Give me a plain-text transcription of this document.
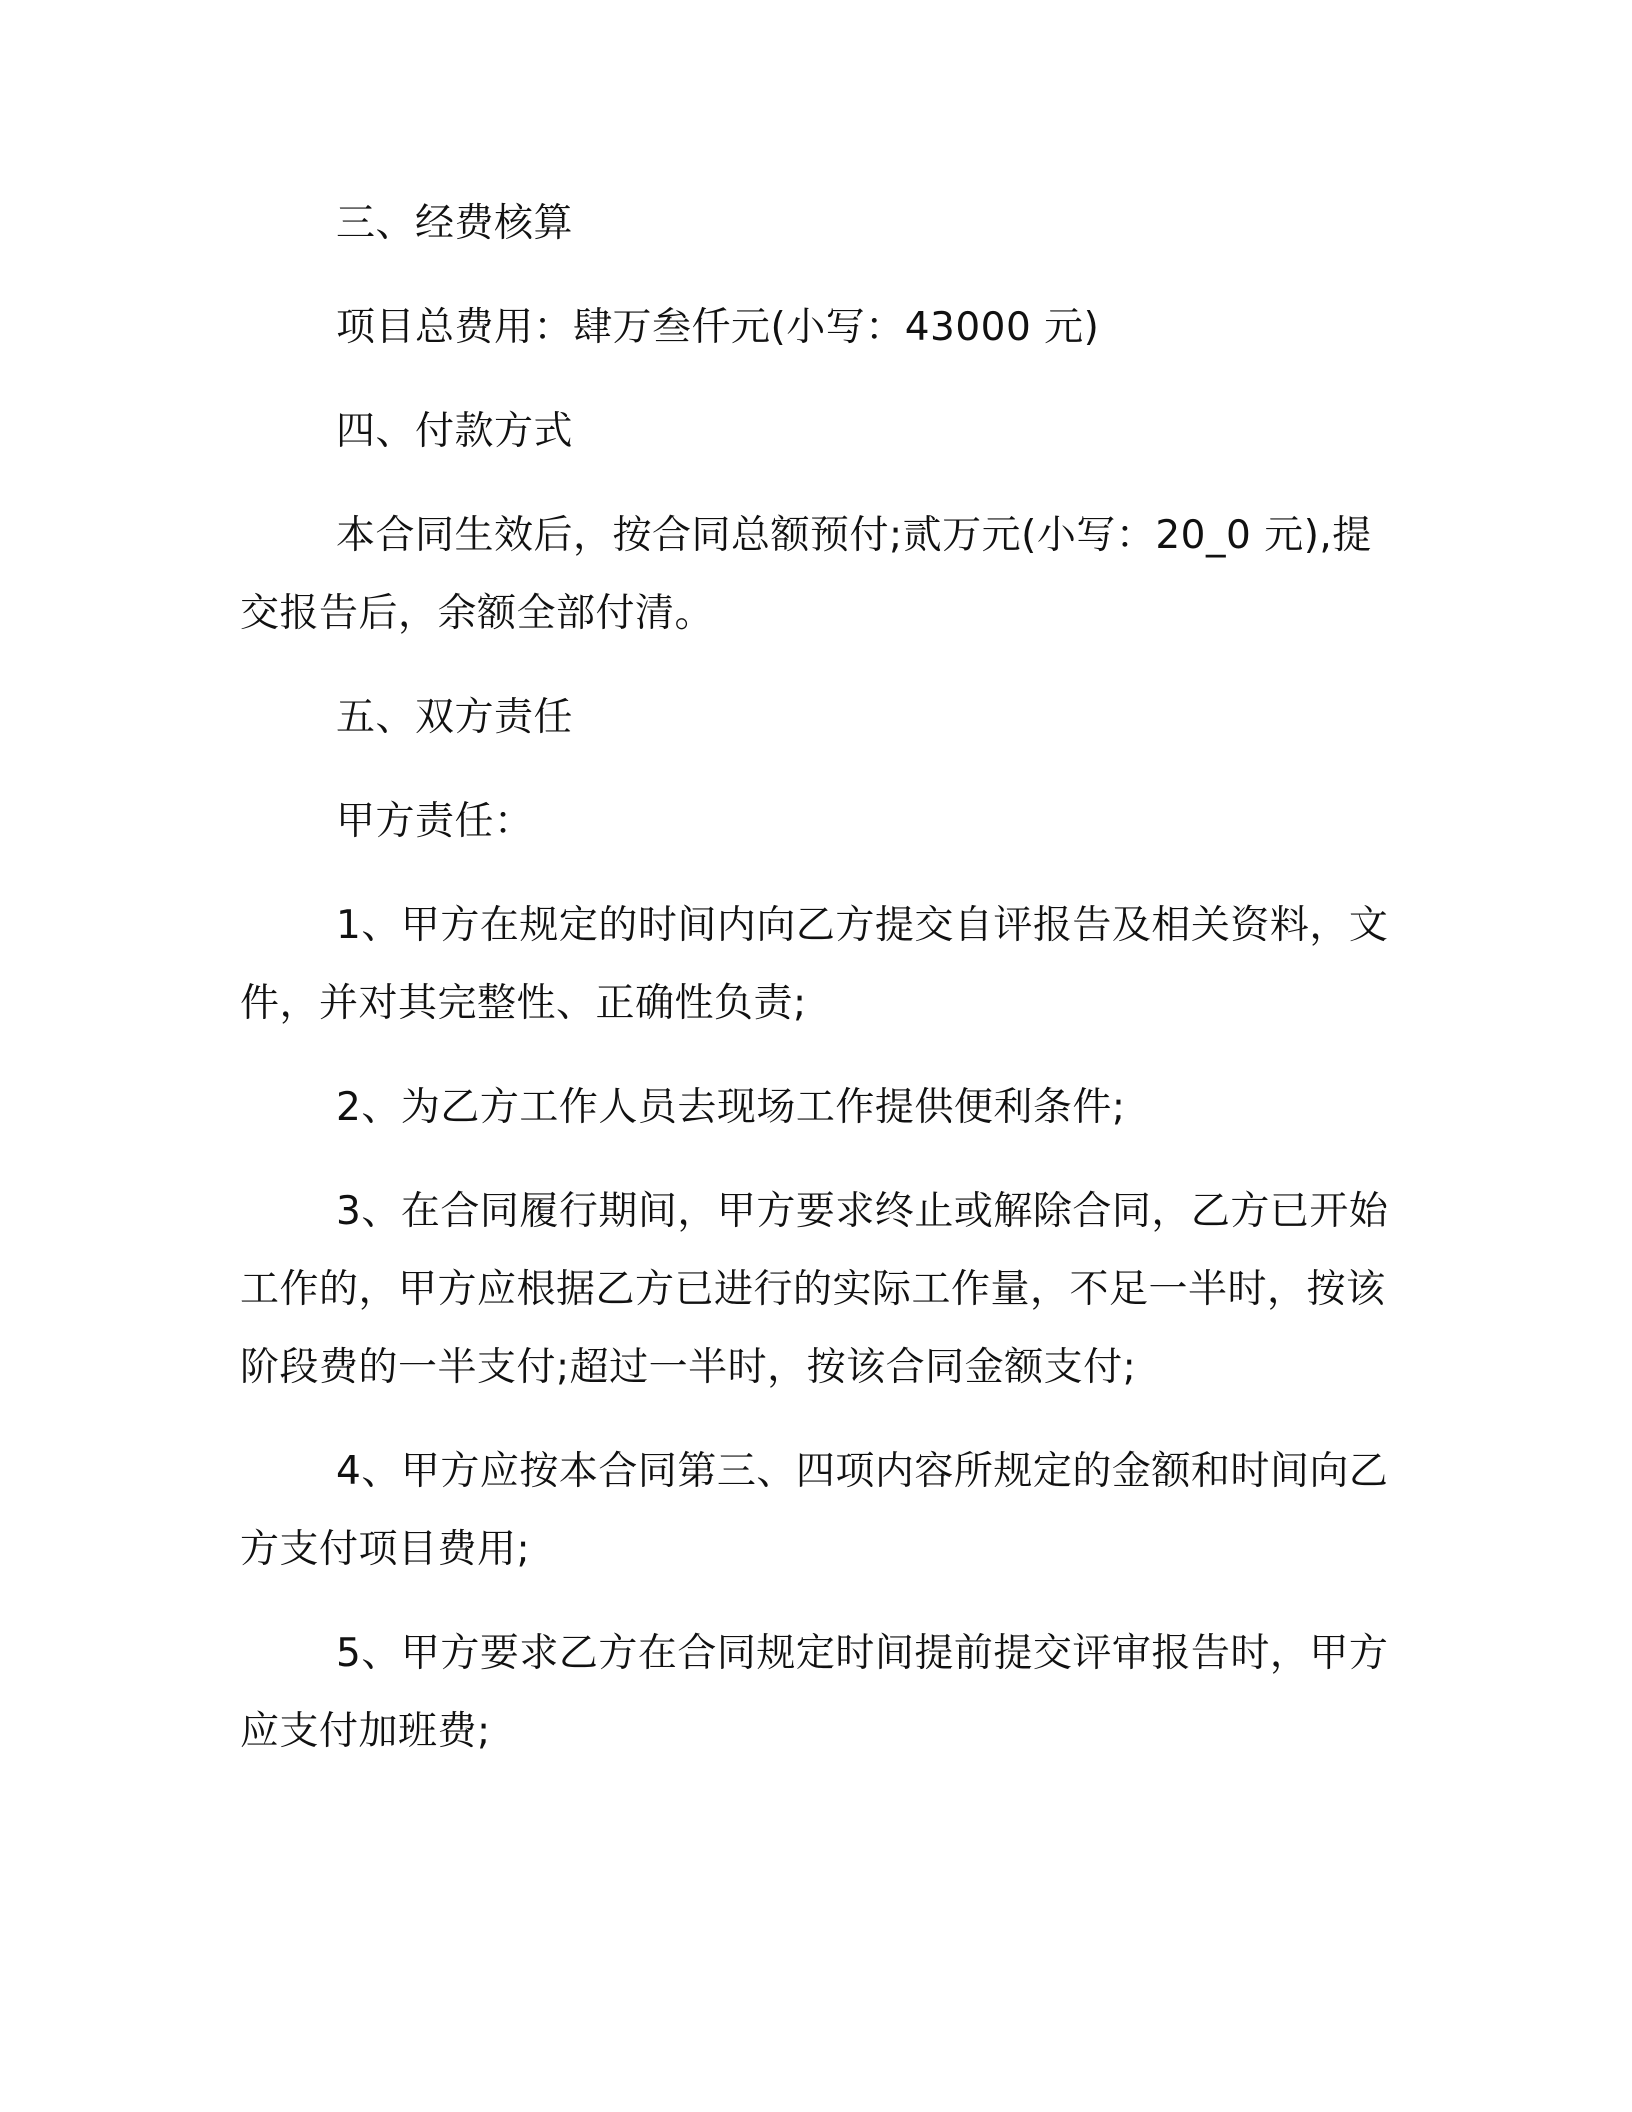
三、经费核算

项目总费用：肆万叁仟元(小写：43000 元)

四、付款方式

本合同生效后，按合同总额预付;贰万元(小写：20_0 元),提交报告后，余额全部付清。

五、双方责任

甲方责任：

1、甲方在规定的时间内向乙方提交自评报告及相关资料，文件，并对其完整性、正确性负责;

2、为乙方工作人员去现场工作提供便利条件;

3、在合同履行期间，甲方要求终止或解除合同，乙方已开始工作的，甲方应根据乙方已进行的实际工作量，不足一半时，按该阶段费的一半支付;超过一半时，按该合同金额支付;

4、甲方应按本合同第三、四项内容所规定的金额和时间向乙方支付项目费用;

5、甲方要求乙方在合同规定时间提前提交评审报告时，甲方应支付加班费;
